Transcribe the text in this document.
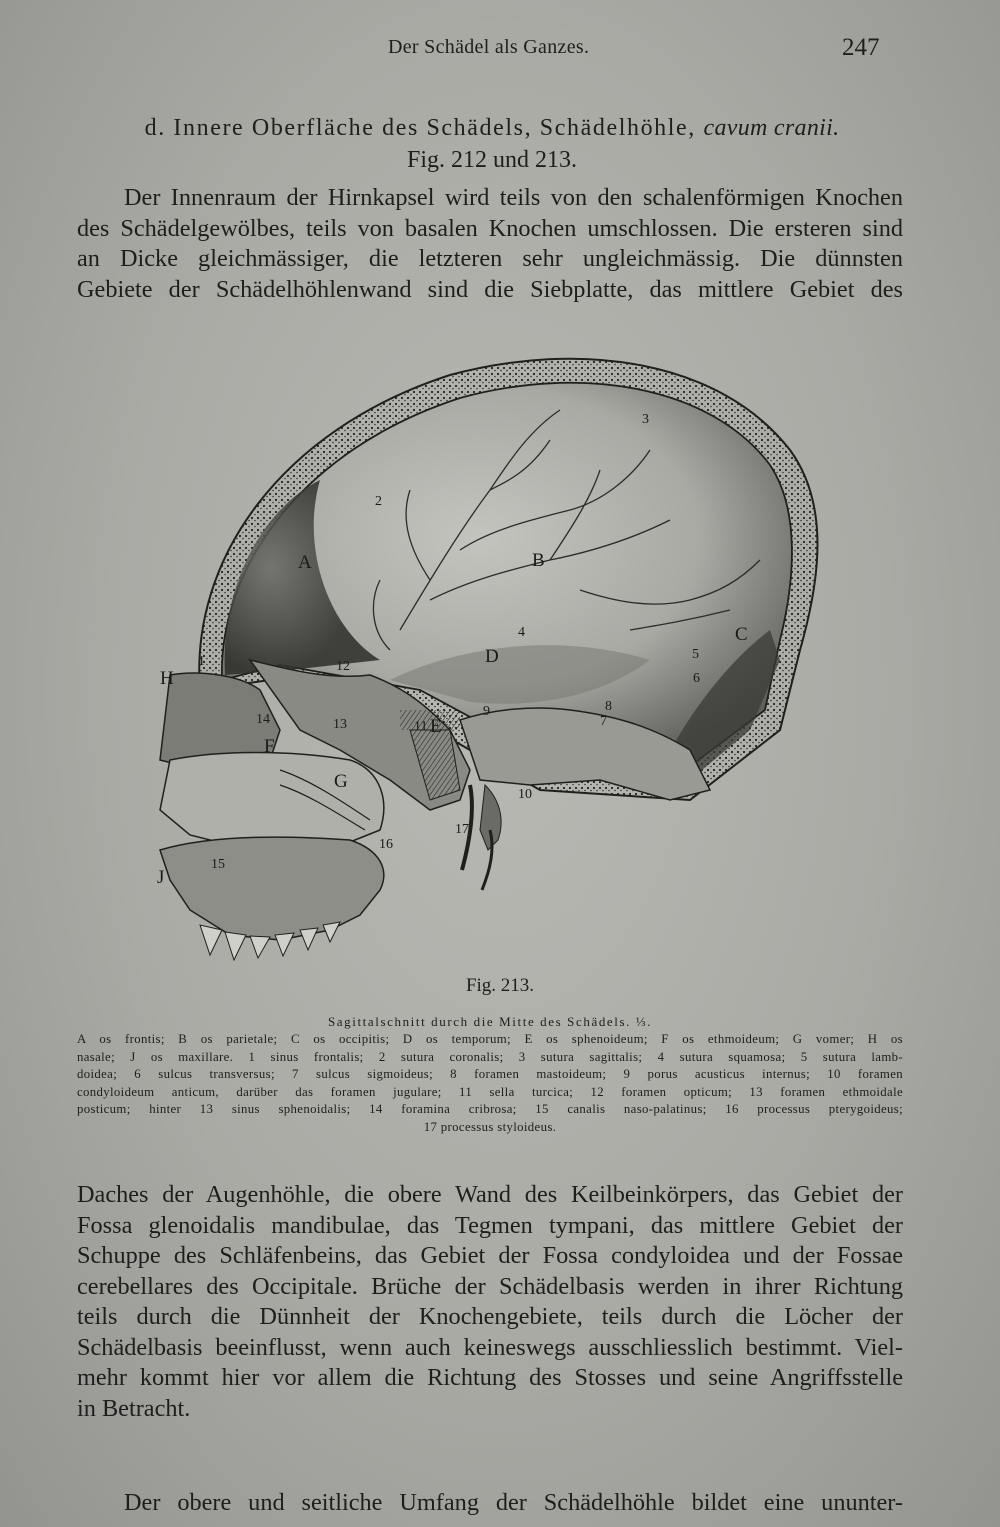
Der Schädel als Ganzes.	247
d. Innere Oberfläche des Schädels, Schädelhöhle, cavum cranii.
Fig. 212 und 213.
Der Innenraum der Hirnkapsel wird teils von den schalenförmigen Knochen
des Schädelgewölbes, teils von basalen Knochen umschlossen. Die ersteren sind
an Dicke gleichmässiger, die letzteren sehr ungleichmässig. Die dünnsten
Gebiete der Schädelhöhlenwand sind die Siebplatte, das mittlere Gebiet des
A	B
C
D
E
F
G
H
J
1
2
3
4
5
6
7
8
9
10
11
12
13
14
15
16
17
Fig. 213.
Sagittalschnitt durch die Mitte des Schädels. ⅓.
A os frontis; B os parietale; C os occipitis; D os temporum; E os sphenoideum; F os ethmoideum; G vomer; H os
nasale; J os maxillare. 1 sinus frontalis; 2 sutura coronalis; 3 sutura sagittalis; 4 sutura squamosa; 5 sutura lamb-
doidea; 6 sulcus transversus; 7 sulcus sigmoideus; 8 foramen mastoideum; 9 porus acusticus internus; 10 foramen
condyloideum anticum, darüber das foramen jugulare; 11 sella turcica; 12 foramen opticum; 13 foramen ethmoidale
posticum; hinter 13 sinus sphenoidalis; 14 foramina cribrosa; 15 canalis naso-palatinus; 16 processus pterygoideus;
17 processus styloideus.
Daches der Augenhöhle, die obere Wand des Keilbeinkörpers, das Gebiet der
Fossa glenoidalis mandibulae, das Tegmen tympani, das mittlere Gebiet der
Schuppe des Schläfenbeins, das Gebiet der Fossa condyloidea und der Fossae
cerebellares des Occipitale. Brüche der Schädelbasis werden in ihrer Richtung
teils durch die Dünnheit der Knochengebiete, teils durch die Löcher der
Schädelbasis beeinflusst, wenn auch keineswegs ausschliesslich bestimmt. Viel-
mehr kommt hier vor allem die Richtung des Stosses und seine Angriffsstelle
in Betracht.
Der obere und seitliche Umfang der Schädelhöhle bildet eine ununter-
